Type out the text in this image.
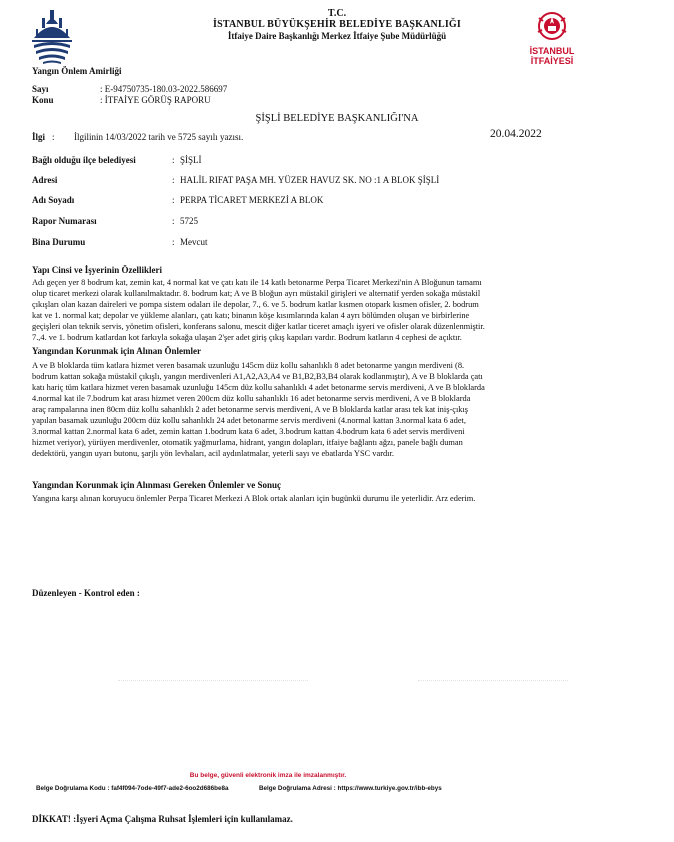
T.C.
İSTANBUL BÜYÜKŞEHİR BELEDİYE BAŞKANLIĞI
İtfaiye Daire Başkanlığı Merkez İtfaiye Şube Müdürlüğü
İSTANBUL
İTFAİYESİ
Yangın Önlem Amirliği
Sayı	: E-94750735-180.03-2022.586697
Konu	: İTFAİYE GÖRÜŞ RAPORU
ŞİŞLİ BELEDİYE BAŞKANLIĞI'NA
İlgi : İlgilinin 14/03/2022 tarih ve 5725 sayılı yazısı.	20.04.2022
Bağlı olduğu ilçe belediyesi	: ŞİŞLİ
Adresi	: HALİL RIFAT PAŞA MH. YÜZER HAVUZ SK. NO :1 A BLOK ŞİŞLİ
Adı Soyadı	: PERPA TİCARET MERKEZİ A BLOK
Rapor Numarası	: 5725
Bina Durumu	: Mevcut
Yapı Cinsi ve İşyerinin Özellikleri
Adı geçen yer 8 bodrum kat, zemin kat, 4 normal kat ve çatı katı ile 14 katlı betonarme Perpa Ticaret Merkezi'nin A Bloğunun tamamı
olup ticaret merkezi olarak kullanılmaktadır. 8. bodrum kat; A ve B bloğun ayrı müstakil girişleri ve alternatif yerden sokağa müstakil
çıkışları olan kazan daireleri ve pompa sistem odaları ile depolar, 7., 6. ve 5. bodrum katlar kısmen otopark kısmen ofisler, 2. bodrum
kat ve 1. normal kat; depolar ve yükleme alanları, çatı katı; binanın köşe kısımlarında kalan 4 ayrı bölümden oluşan ve birbirlerine
geçişleri olan teknik servis, yönetim ofisleri, konferans salonu, mescit diğer katlar ticeret amaçlı işyeri ve ofisler olarak düzenlenmiştir.
7.,4. ve 1. bodrum katlardan kot farkıyla sokağa ulaşan 2'şer adet giriş çıkış kapıları vardır. Bodrum katların 4 cephesi de açıktır.
Yangından Korunmak için Alınan Önlemler
A ve B bloklarda tüm katlara hizmet veren basamak uzunluğu 145cm düz kollu sahanlıklı 8 adet betonarme yangın merdiveni (8.
bodrum kattan sokağa müstakil çıkışlı, yangın merdivenleri A1,A2,A3,A4 ve B1,B2,B3,B4 olarak kodlanmıştır), A ve B bloklarda çatı
katı hariç tüm katlara hizmet veren basamak uzunluğu 145cm düz kollu sahanlıklı 4 adet betonarme servis merdiveni, A ve B bloklarda
4.normal kat ile 7.bodrum kat arası hizmet veren 200cm düz kollu sahanlıklı 16 adet betonarme servis merdiveni, A ve B bloklarda
araç rampalarına inen 80cm düz kollu sahanlıklı 2 adet betonarme servis merdiveni, A ve B bloklarda katlar arası tek kat iniş-çıkış
yapılan basamak uzunluğu 200cm düz kollu sahanlıklı 24 adet betonarme servis merdiveni (4.normal kattan 3.normal kata 6 adet,
3.normal kattan 2.normal kata 6 adet, zemin kattan 1.bodrum kata 6 adet, 3.bodrum kattan 4.bodrum kata 6 adet servis merdiveni
hizmet veriyor), yürüyen merdivenler, otomatik yağmurlama, hidrant, yangın dolapları, itfaiye bağlantı ağzı, panele bağlı duman
dedektörü, yangın uyarı butonu, şarjlı yön levhaları, acil aydınlatmalar, yeterli sayı ve ebatlarda YSC vardır.
Yangından Korunmak için Alınması Gereken Önlemler ve Sonuç
Yangına karşı alınan koruyucu önlemler Perpa Ticaret Merkezi A Blok ortak alanları için bugünkü durumu ile yeterlidir. Arz ederim.
Düzenleyen - Kontrol eden :
Bu belge, güvenli elektronik imza ile imzalanmıştır.
Belge Doğrulama Kodu : faf4f094-7ode-49f7-ade2-6oo2d686be8a	Belge Doğrulama Adresi : https://www.turkiye.gov.tr/ibb-ebys
DİKKAT! :İşyeri Açma Çalışma Ruhsat İşlemleri için kullanılamaz.
